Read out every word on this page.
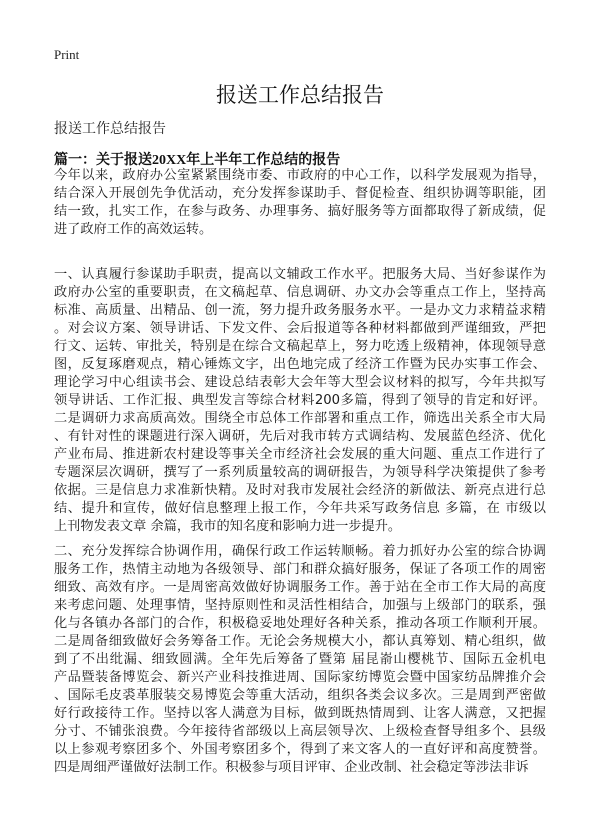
Print
报送工作总结报告
报送工作总结报告
篇一：关于报送20XX年上半年工作总结的报告
今年以来，政府办公室紧紧围绕市委、市政府的中心工作，以科学发展观为指导，
结合深入开展创先争优活动，充分发挥参谋助手、督促检查、组织协调等职能，团
结一致，扎实工作，在参与政务、办理事务、搞好服务等方面都取得了新成绩，促
进了政府工作的高效运转。
一、认真履行参谋助手职责，提高以文辅政工作水平。把服务大局、当好参谋作为
政府办公室的重要职责，在文稿起草、信息调研、办文办会等重点工作上，坚持高
标准、高质量、出精品、创一流，努力提升政务服务水平。一是办文力求精益求精
。对会议方案、领导讲话、下发文件、会后报道等各种材料都做到严谨细致，严把
行文、运转、审批关，特别是在综合文稿起草上，努力吃透上级精神，体现领导意
图，反复琢磨观点，精心锤炼文字，出色地完成了经济工作暨为民办实事工作会、
理论学习中心组读书会、建设总结表彰大会年等大型会议材料的拟写，今年共拟写
领导讲话、工作汇报、典型发言等综合材料200多篇，得到了领导的肯定和好评。
二是调研力求高质高效。围绕全市总体工作部署和重点工作，筛选出关系全市大局
、有针对性的课题进行深入调研，先后对我市转方式调结构、发展蓝色经济、优化
产业布局、推进新农村建设等事关全市经济社会发展的重大问题、重点工作进行了
专题深层次调研，撰写了一系列质量较高的调研报告，为领导科学决策提供了参考
依据。三是信息力求准新快精。及时对我市发展社会经济的新做法、新亮点进行总
结、提升和宣传，做好信息整理上报工作，今年共采写政务信息 多篇，在 市级以
上刊物发表文章 余篇，我市的知名度和影响力进一步提升。
二、充分发挥综合协调作用，确保行政工作运转顺畅。着力抓好办公室的综合协调
服务工作，热情主动地为各级领导、部门和群众搞好服务，保证了各项工作的周密
细致、高效有序。一是周密高效做好协调服务工作。善于站在全市工作大局的高度
来考虑问题、处理事情，坚持原则性和灵活性相结合，加强与上级部门的联系，强
化与各镇办各部门的合作，积极稳妥地处理好各种关系，推动各项工作顺利开展。
二是周备细致做好会务筹备工作。无论会务规模大小，都认真筹划、精心组织，做
到了不出纰漏、细致圆满。全年先后筹备了暨第 届昆嵛山樱桃节、国际五金机电
产品暨装备博览会、新兴产业科技推进周、国际家纺博览会暨中国家纺品牌推介会
、国际毛皮裘革服装交易博览会等重大活动，组织各类会议多次。三是周到严密做
好行政接待工作。坚持以客人满意为目标，做到既热情周到、让客人满意，又把握
分寸、不铺张浪费。今年接待省部级以上高层领导次、上级检查督导组多个、县级
以上参观考察团多个、外国考察团多个，得到了来文客人的一直好评和高度赞誉。
四是周细严谨做好法制工作。积极参与项目评审、企业改制、社会稳定等涉法非诉
